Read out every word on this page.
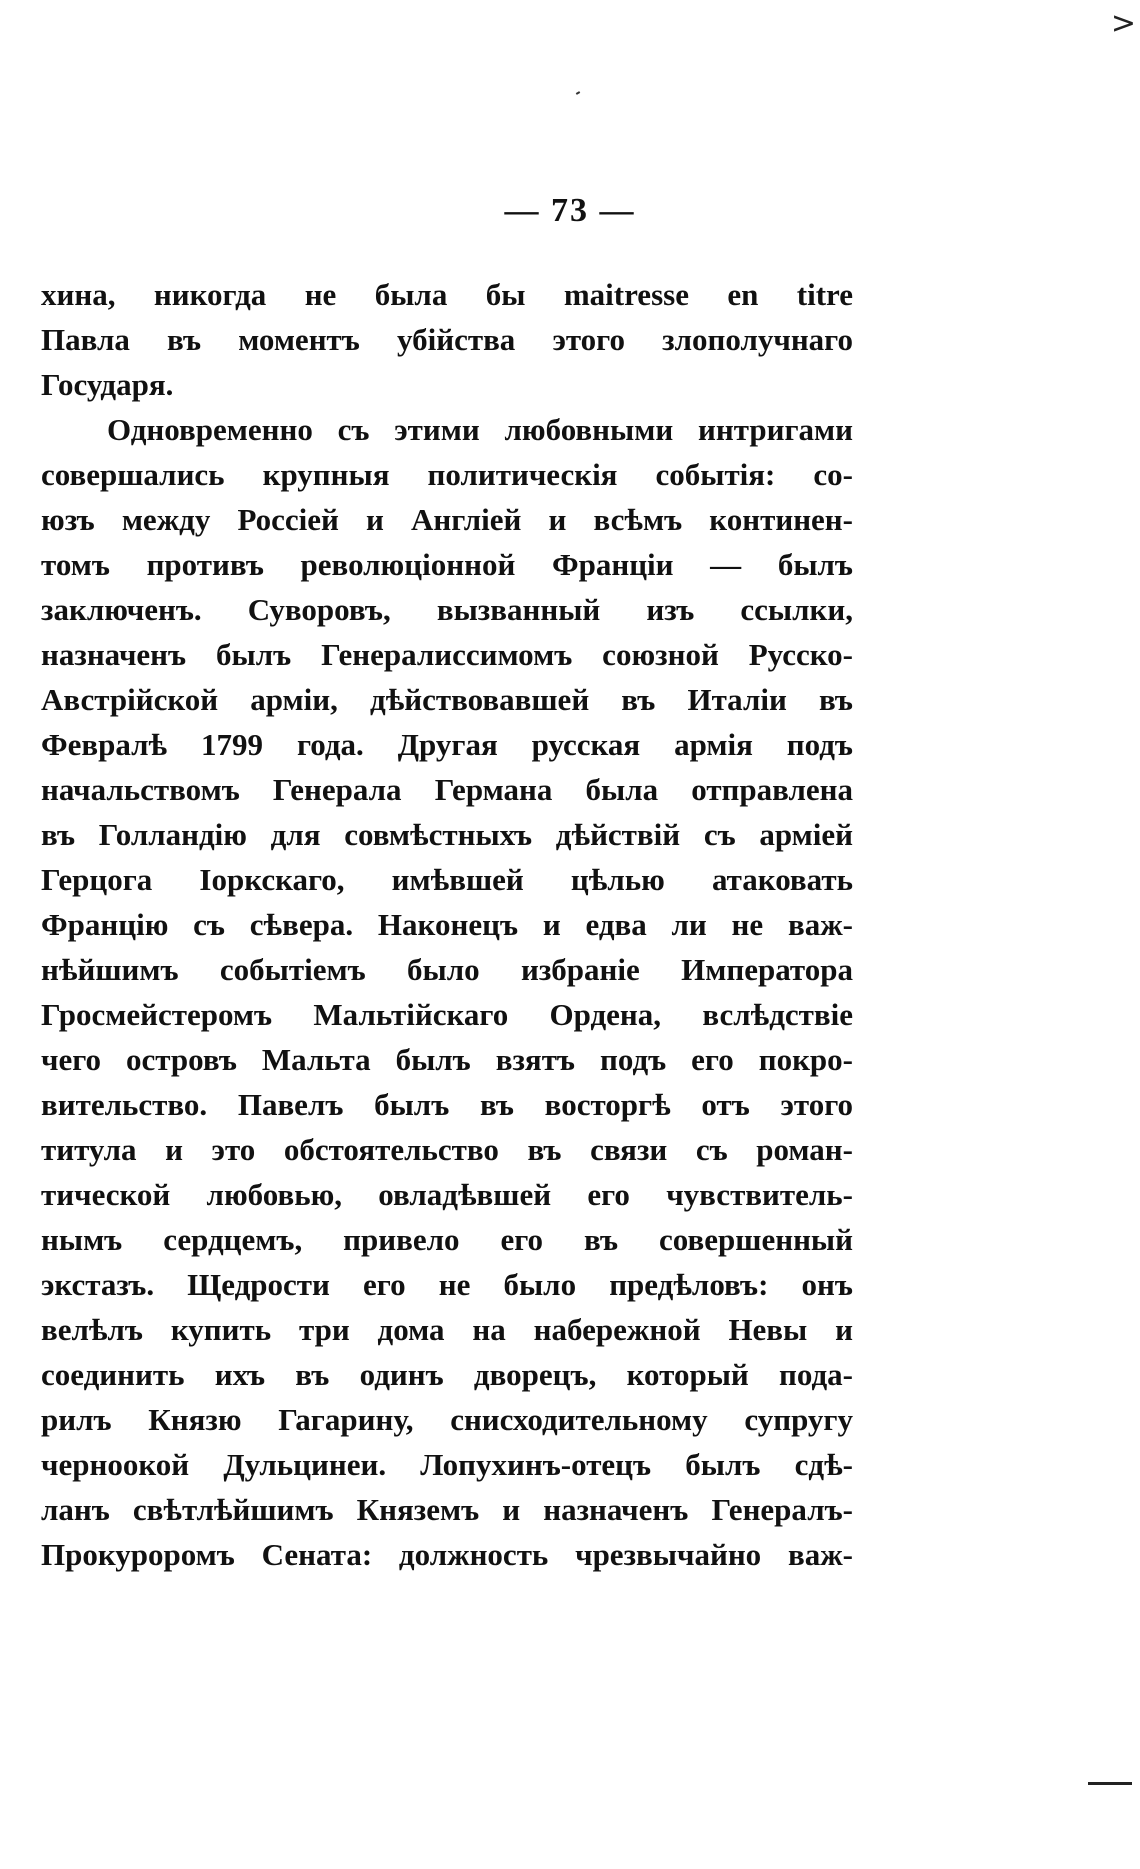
>
— 73 —
хина, никогда не была бы maitresse en titre
Павла въ моментъ убійства этого злополучнаго
Государя.
Одновременно съ этими любовными интригами
совершались крупныя политическія событія: со-
юзъ между Россіей и Англіей и всѣмъ континен-
томъ противъ революціонной Франціи — былъ
заключенъ. Суворовъ, вызванный изъ ссылки,
назначенъ былъ Генералиссимомъ союзной Русско-
Австрійской арміи, дѣйствовавшей въ Италіи въ
Февралѣ 1799 года. Другая русская армія подъ
начальствомъ Генерала Германа была отправлена
въ Голландію для совмѣстныхъ дѣйствій съ арміей
Герцога Іоркскаго, имѣвшей цѣлью атаковать
Францію съ сѣвера. Наконецъ и едва ли не важ-
нѣйшимъ событіемъ было избраніе Императора
Гросмейстеромъ Мальтійскаго Ордена, вслѣдствіе
чего островъ Мальта былъ взятъ подъ его покро-
вительство. Павелъ былъ въ восторгѣ отъ этого
титула и это обстоятельство въ связи съ роман-
тической любовью, овладѣвшей его чувствитель-
нымъ сердцемъ, привело его въ совершенный
экстазъ. Щедрости его не было предѣловъ: онъ
велѣлъ купить три дома на набережной Невы и
соединить ихъ въ одинъ дворецъ, который пода-
рилъ Князю Гагарину, снисходительному супругу
черноокой Дульцинеи. Лопухинъ-отецъ былъ сдѣ-
ланъ свѣтлѣйшимъ Княземъ и назначенъ Генералъ-
Прокуроромъ Сената: должность чрезвычайно важ-
